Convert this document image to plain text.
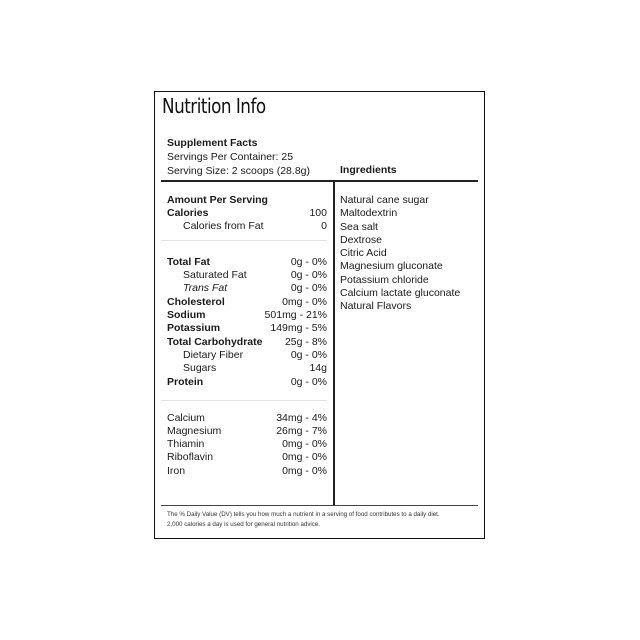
Nutrition Info
Supplement Facts
Servings Per Container: 25
Serving Size: 2 scoops (28.8g)	Ingredients
Amount Per Serving
Calories	100
Calories from Fat	0
Total Fat	0g - 0%
Saturated Fat	0g - 0%
Trans Fat	0g - 0%
Cholesterol	0mg - 0%
Sodium	501mg - 21%
Potassium	149mg - 5%
Total Carbohydrate 25g - 8%
Dietary Fiber	0g - 0%
Sugars	14g
Protein	0g - 0%
Calcium	34mg - 4%
Magnesium	26mg - 7%
Thiamin	0mg - 0%
Riboflavin	0mg - 0%
Iron	0mg - 0%
Natural cane sugar
Maltodextrin
Sea salt
Dextrose
Citric Acid
Magnesium gluconate
Potassium chloride
Calcium lactate gluconate
Natural Flavors
The % Daily Value (DV) tells you how much a nutrient in a serving of food contributes to a daily diet.
2,000 calories a day is used for general nutrition advice.
